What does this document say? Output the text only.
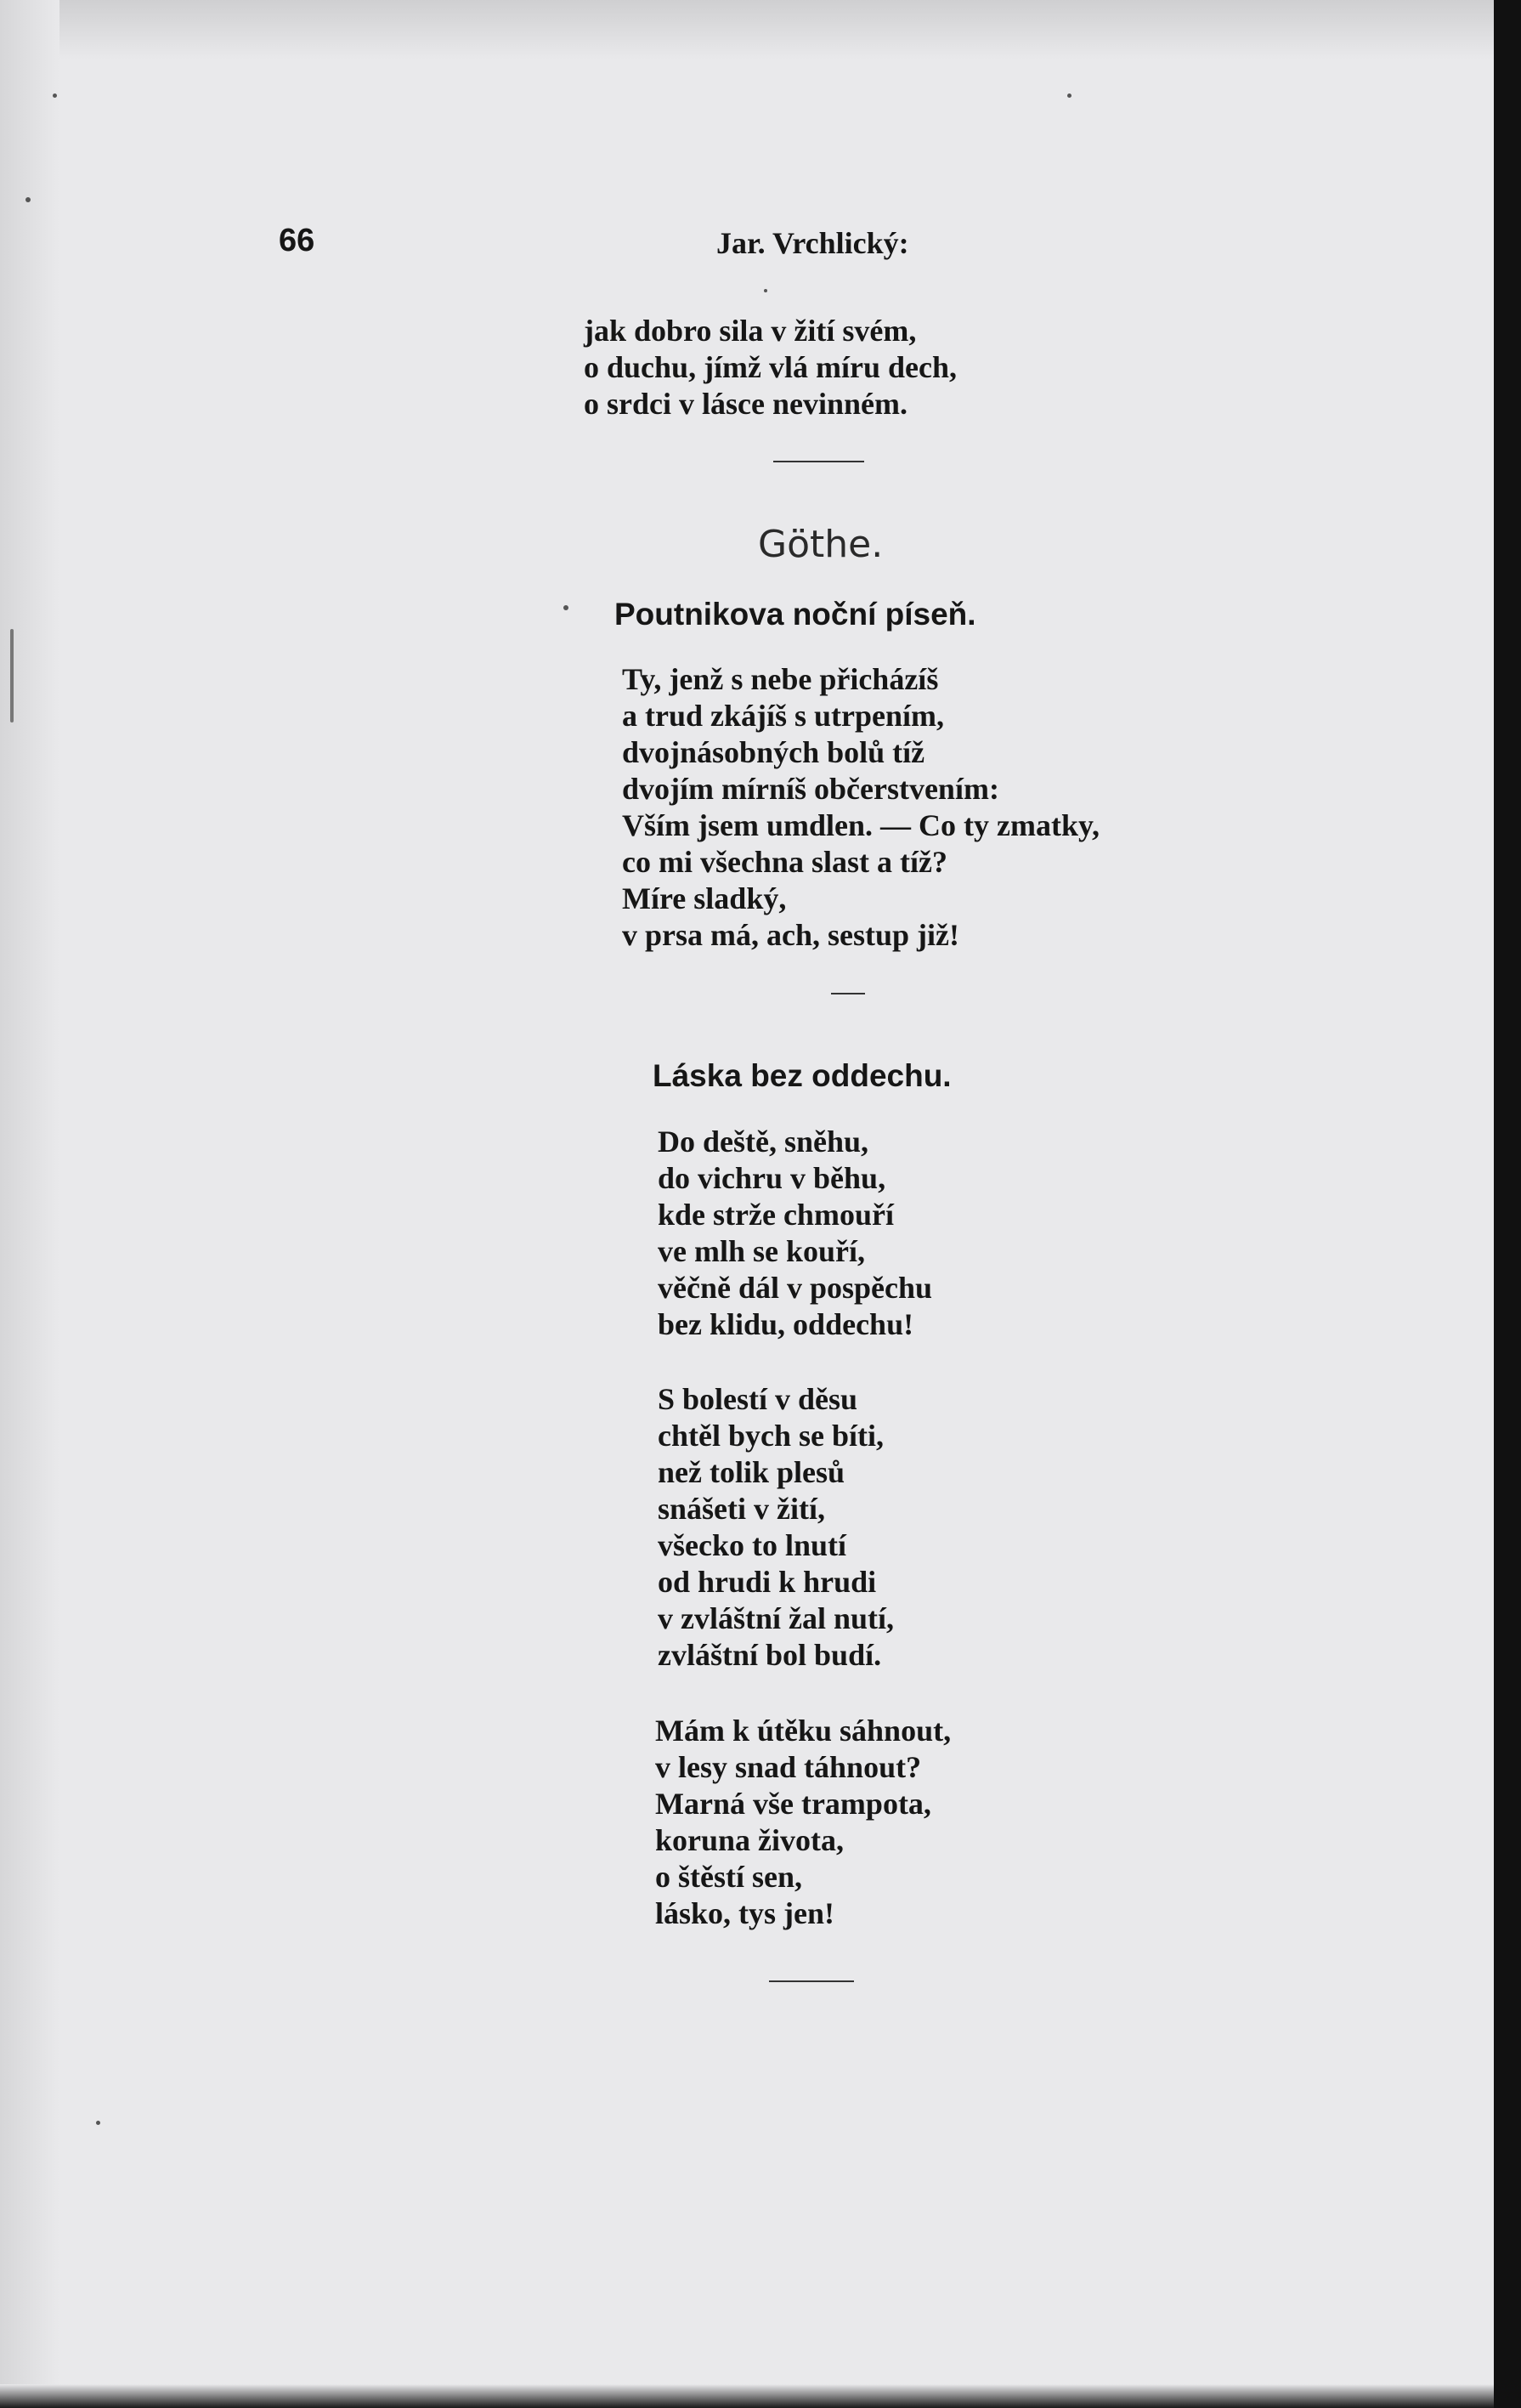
66	Jar. Vrchlický:
jak dobro sila v žití svém,
o duchu, jímž vlá míru dech,
o srdci v lásce nevinném.
Göthe.
Poutnikova noční píseň.
Ty, jenž s nebe přicházíš
a trud zkájíš s utrpením,
dvojnásobných bolů tíž
dvojím mírníš občerstvením:
Vším jsem umdlen. — Co ty zmatky,
co mi všechna slast a tíž?
Míre sladký,
v prsa má, ach, sestup již!
Láska bez oddechu.
Do deště, sněhu,
do vichru v běhu,
kde strže chmouří
ve mlh se kouří,
věčně dál v pospěchu
bez klidu, oddechu!
S bolestí v děsu
chtěl bych se bíti,
než tolik plesů
snášeti v žití,
všecko to lnutí
od hrudi k hrudi
v zvláštní žal nutí,
zvláštní bol budí.
Mám k útěku sáhnout,
v lesy snad táhnout?
Marná vše trampota,
koruna života,
o štěstí sen,
lásko, tys jen!
